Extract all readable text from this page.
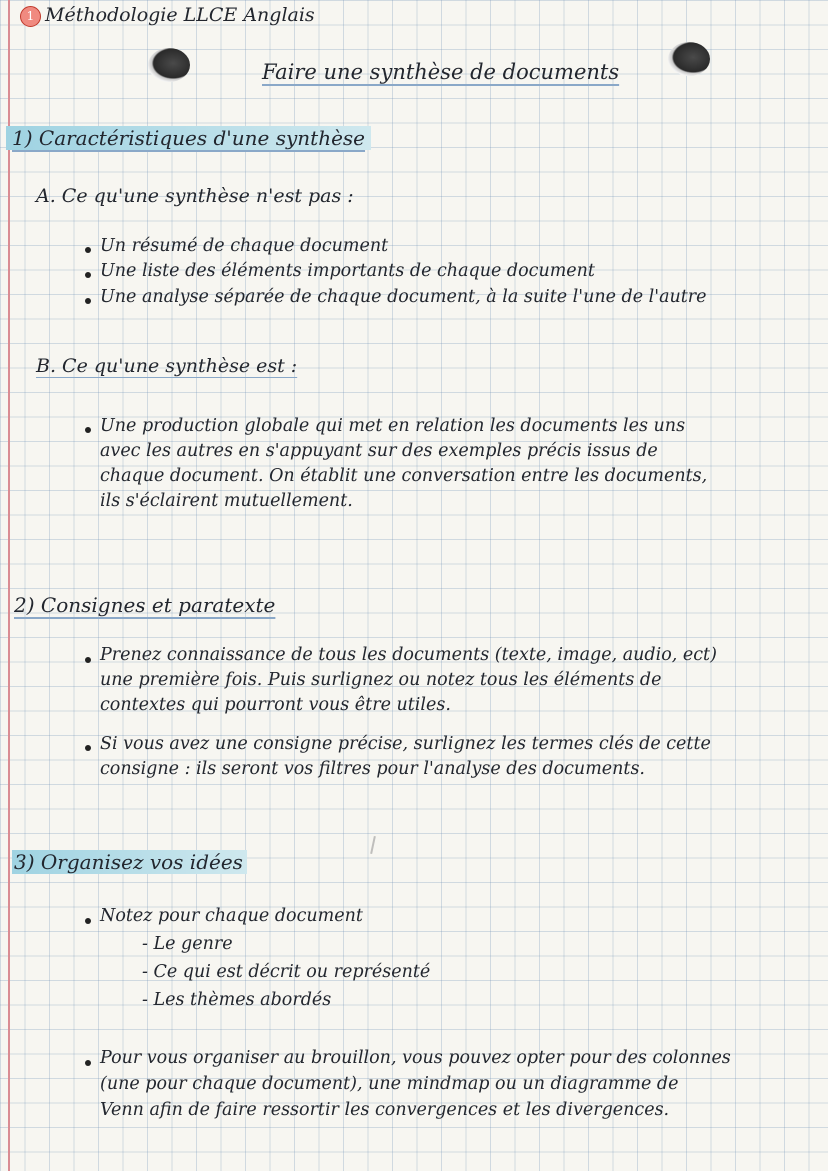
1 Méthodologie LLCE Anglais
Faire une synthèse de documents
1) Caractéristiques d'une synthèse
A. Ce qu'une synthèse n'est pas :
Un résumé de chaque document
Une liste des éléments importants de chaque document
Une analyse séparée de chaque document, à la suite l'une de l'autre
B. Ce qu'une synthèse est :
Une production globale qui met en relation les documents les uns
avec les autres en s'appuyant sur des exemples précis issus de
chaque document. On établit une conversation entre les documents,
ils s'éclairent mutuellement.
2) Consignes et paratexte
Prenez connaissance de tous les documents (texte, image, audio, ect)
une première fois. Puis surlignez ou notez tous les éléments de
contextes qui pourront vous être utiles.
Si vous avez une consigne précise, surlignez les termes clés de cette
consigne : ils seront vos filtres pour l'analyse des documents.
3) Organisez vos idées
Notez pour chaque document
- Le genre
- Ce qui est décrit ou représenté
- Les thèmes abordés
Pour vous organiser au brouillon, vous pouvez opter pour des colonnes
(une pour chaque document), une mindmap ou un diagramme de
Venn afin de faire ressortir les convergences et les divergences.
